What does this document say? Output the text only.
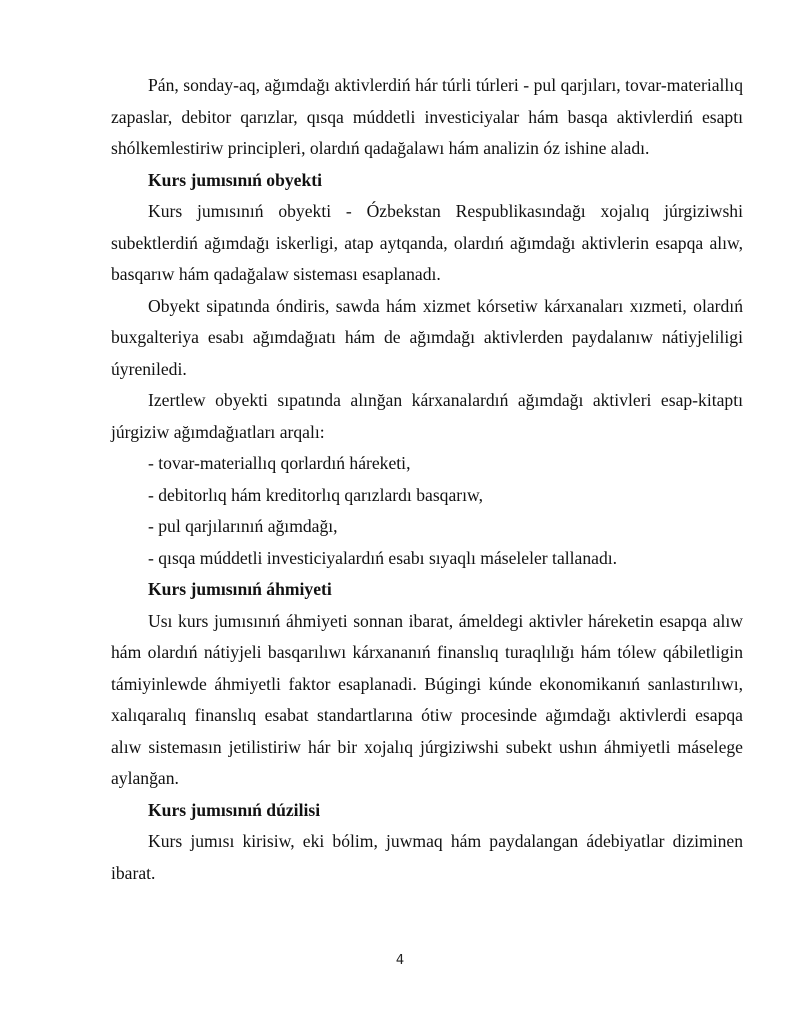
Pán, sonday-aq, ağımdağı aktivlerdiń hár túrli túrleri - pul qarjıları, tovar-materiallıq zapaslar, debitor qarızlar, qısqa múddetli investiciyalar hám basqa aktivlerdiń esaptı shólkemlestiriw principleri, olardıń qadağalawı hám analizin óz ishine aladı.

Kurs jumısınıń obyekti

Kurs jumısınıń obyekti - Ózbekstan Respublikasındağı xojalıq júrgiziwshi subektlerdiń ağımdağı iskerligi, atap aytqanda, olardıń ağımdağı aktivlerin esapqa alıw, basqarıw hám qadağalaw sisteması esaplanadı.

Obyekt sipatında óndiris, sawda hám xizmet kórsetiw kárxanaları xızmeti, olardıń buxgalteriya esabı ağımdağıatı hám de ağımdağı aktivlerden paydalanıw nátiyjeliligi úyreniledi.

Izertlew obyekti sıpatında alınğan kárxanalardıń ağımdağı aktivleri esap-kitaptı júrgiziw ağımdağıatları arqalı:

- tovar-materiallıq qorlardıń háreketi,

- debitorlıq hám kreditorlıq qarızlardı basqarıw,

- pul qarjılarınıń ağımdağı,

- qısqa múddetli investiciyalardıń esabı sıyaqlı máseleler tallanadı.

Kurs jumısınıń áhmiyeti

Usı kurs jumısınıń áhmiyeti sonnan ibarat, ámeldegi aktivler háreketin esapqa alıw hám olardıń nátiyjeli basqarılıwı kárxananıń finanslıq turaqlılığı hám tólew qábiletligin támiyinlewde áhmiyetli faktor esaplanadi. Búgingi kúnde ekonomikanıń sanlastırılıwı, xalıqaralıq finanslıq esabat standartlarına ótiw procesinde ağımdağı aktivlerdi esapqa alıw sistemasın jetilistiriw hár bir xojalıq júrgiziwshi subekt ushın áhmiyetli máselege aylanğan.

Kurs jumısınıń dúzilisi

Kurs jumısı kirisiw, eki bólim, juwmaq hám paydalangan ádebiyatlar diziminen ibarat.

4
